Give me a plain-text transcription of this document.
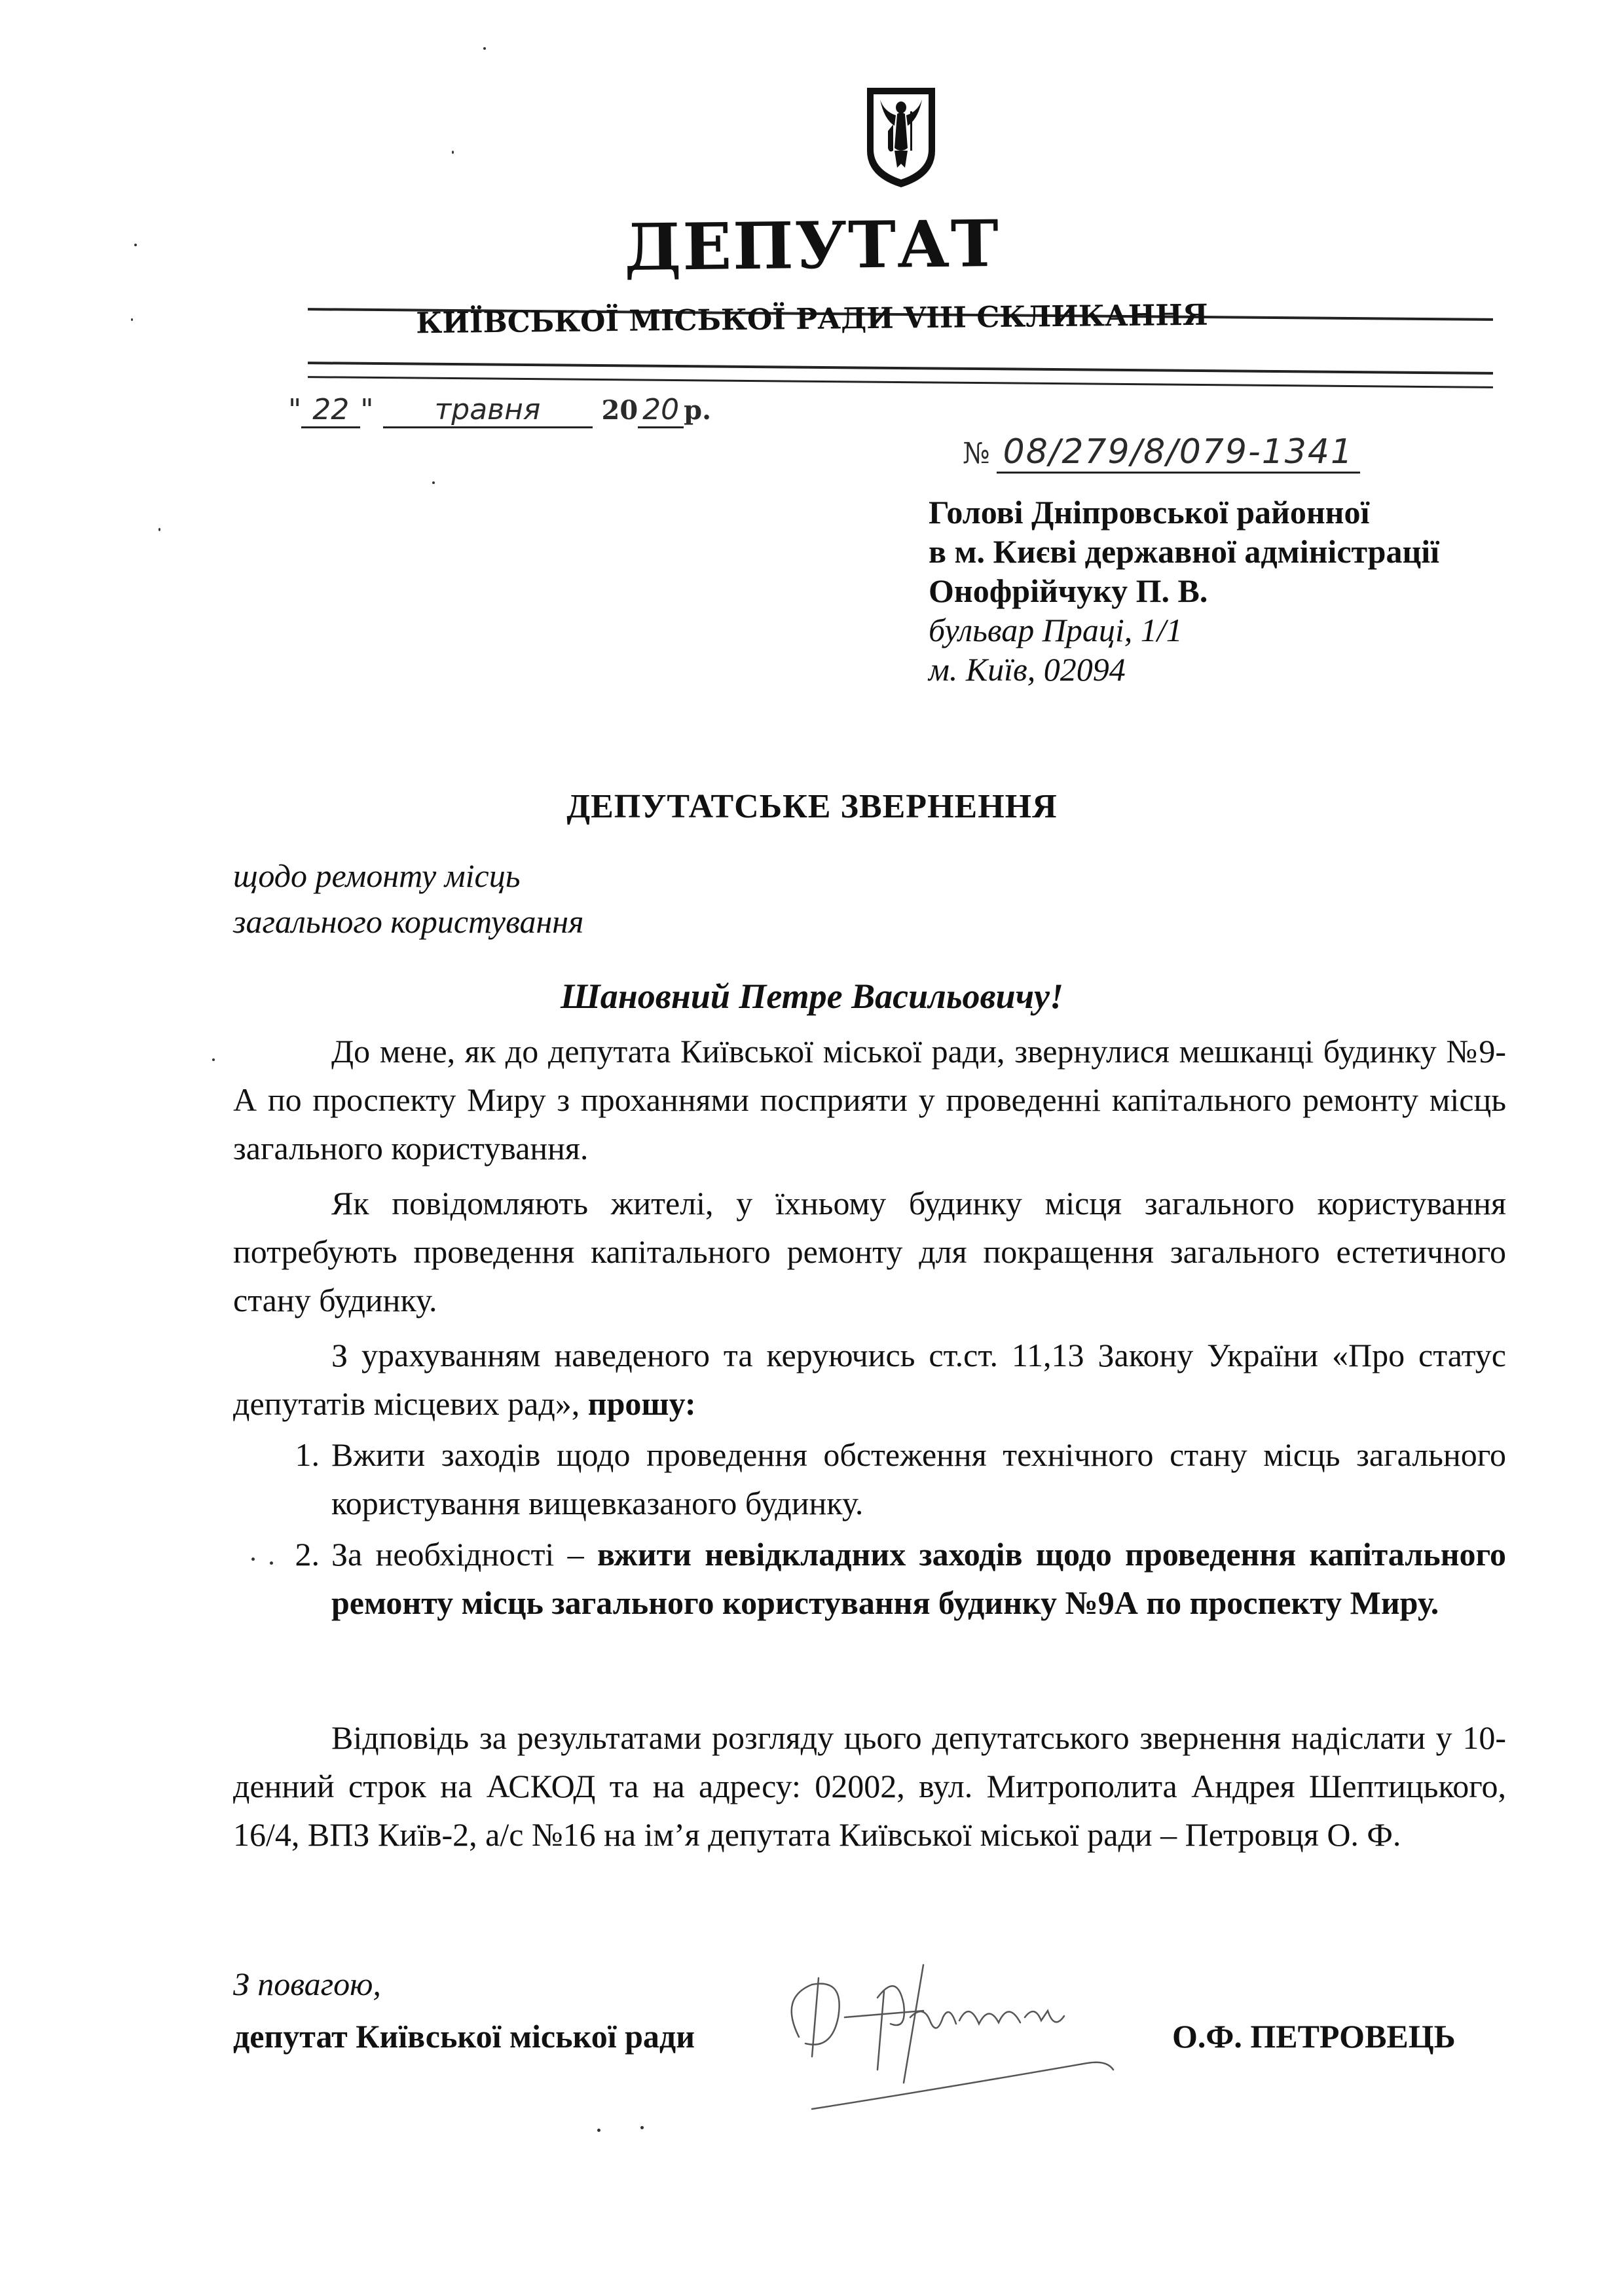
ДЕПУТАТ
КИЇВСЬКОЇ МІСЬКОЇ РАДИ VIII СКЛИКАННЯ
" 22 " травня 20 20 р.
№ 08/279/8/079-1341
Голові Дніпровської районної
в м. Києві державної адміністрації
Онофрійчуку П. В.
бульвар Праці, 1/1
м. Київ, 02094
ДЕПУТАТСЬКЕ ЗВЕРНЕННЯ
щодо ремонту місць
загального користування
Шановний Петре Васильовичу!
До мене, як до депутата Київської міської ради, звернулися мешканці будинку №9-А по проспекту Миру з проханнями посприяти у проведенні капітального ремонту місць загального користування.
Як повідомляють жителі, у їхньому будинку місця загального користування потребують проведення капітального ремонту для покращення загального естетичного стану будинку.
З урахуванням наведеного та керуючись ст.ст. 11,13 Закону України «Про статус депутатів місцевих рад», прошу:
1. Вжити заходів щодо проведення обстеження технічного стану місць загального користування вищевказаного будинку.
2. За необхідності – вжити невідкладних заходів щодо проведення капітального ремонту місць загального користування будинку №9А по проспекту Миру.
Відповідь за результатами розгляду цього депутатського звернення надіслати у 10-денний строк на АСКОД та на адресу: 02002, вул. Митрополита Андрея Шептицького, 16/4, ВПЗ Київ-2, а/с №16 на ім’я депутата Київської міської ради – Петровця О. Ф.
З повагою,
депутат Київської міської ради	О.Ф. ПЕТРОВЕЦЬ
